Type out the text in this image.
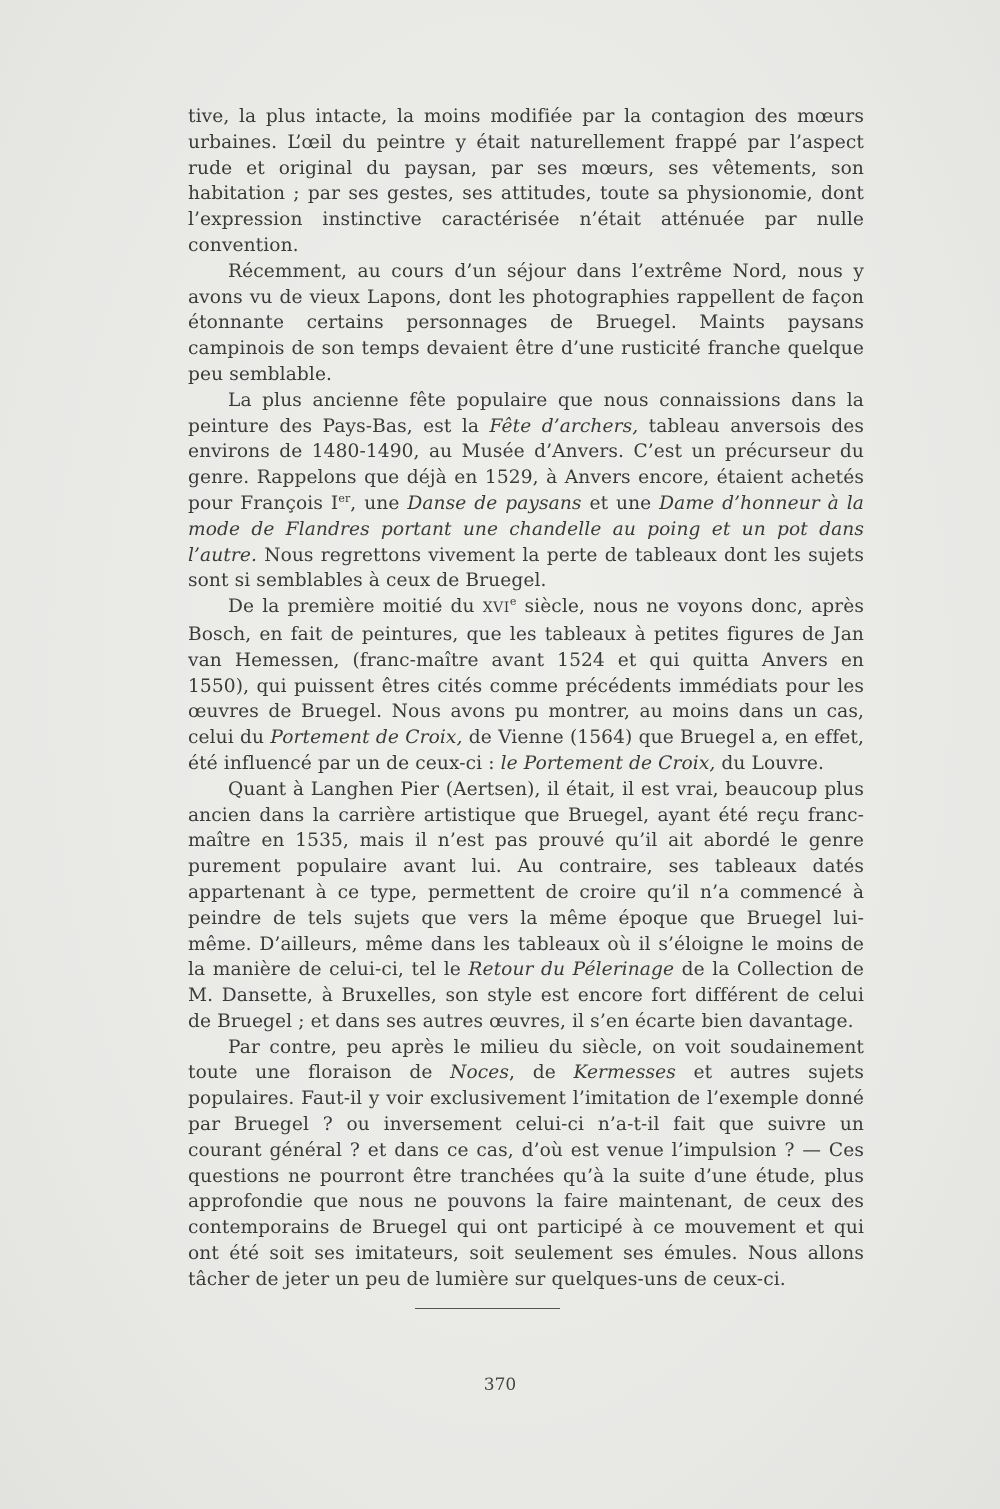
tive, la plus intacte, la moins modifiée par la contagion des mœurs urbaines. L’œil du peintre y était naturellement frappé par l’aspect rude et original du paysan, par ses mœurs, ses vêtements, son habitation ; par ses gestes, ses attitudes, toute sa physionomie, dont l’expression instinctive caractérisée n’était atténuée par nulle convention.

Récemment, au cours d’un séjour dans l’extrême Nord, nous y avons vu de vieux Lapons, dont les photographies rappellent de façon étonnante certains personnages de Bruegel. Maints paysans campinois de son temps devaient être d’une rusticité franche quelque peu semblable.

La plus ancienne fête populaire que nous connaissions dans la peinture des Pays-Bas, est la Fête d’archers, tableau anversois des environs de 1480-1490, au Musée d’Anvers. C’est un précurseur du genre. Rappelons que déjà en 1529, à Anvers encore, étaient achetés pour François Ier, une Danse de paysans et une Dame d’honneur à la mode de Flandres portant une chandelle au poing et un pot dans l’autre. Nous regrettons vivement la perte de tableaux dont les sujets sont si semblables à ceux de Bruegel.

De la première moitié du XVIe siècle, nous ne voyons donc, après Bosch, en fait de peintures, que les tableaux à petites figures de Jan van Hemessen, (franc-maître avant 1524 et qui quitta Anvers en 1550), qui puissent êtres cités comme précédents immédiats pour les œuvres de Bruegel. Nous avons pu montrer, au moins dans un cas, celui du Portement de Croix, de Vienne (1564) que Bruegel a, en effet, été influencé par un de ceux-ci : le Portement de Croix, du Louvre.

Quant à Langhen Pier (Aertsen), il était, il est vrai, beaucoup plus ancien dans la carrière artistique que Bruegel, ayant été reçu franc-maître en 1535, mais il n’est pas prouvé qu’il ait abordé le genre purement populaire avant lui. Au contraire, ses tableaux datés appartenant à ce type, permettent de croire qu’il n’a commencé à peindre de tels sujets que vers la même époque que Bruegel lui-même. D’ailleurs, même dans les tableaux où il s’éloigne le moins de la manière de celui-ci, tel le Retour du Pélerinage de la Collection de M. Dansette, à Bruxelles, son style est encore fort différent de celui de Bruegel ; et dans ses autres œuvres, il s’en écarte bien davantage.

Par contre, peu après le milieu du siècle, on voit soudainement toute une floraison de Noces, de Kermesses et autres sujets populaires. Faut-il y voir exclusivement l’imitation de l’exemple donné par Bruegel ? ou inversement celui-ci n’a-t-il fait que suivre un courant général ? et dans ce cas, d’où est venue l’impulsion ? — Ces questions ne pourront être tranchées qu’à la suite d’une étude, plus approfondie que nous ne pouvons la faire maintenant, de ceux des contemporains de Bruegel qui ont participé à ce mouvement et qui ont été soit ses imitateurs, soit seulement ses émules. Nous allons tâcher de jeter un peu de lumière sur quelques-uns de ceux-ci.

370
